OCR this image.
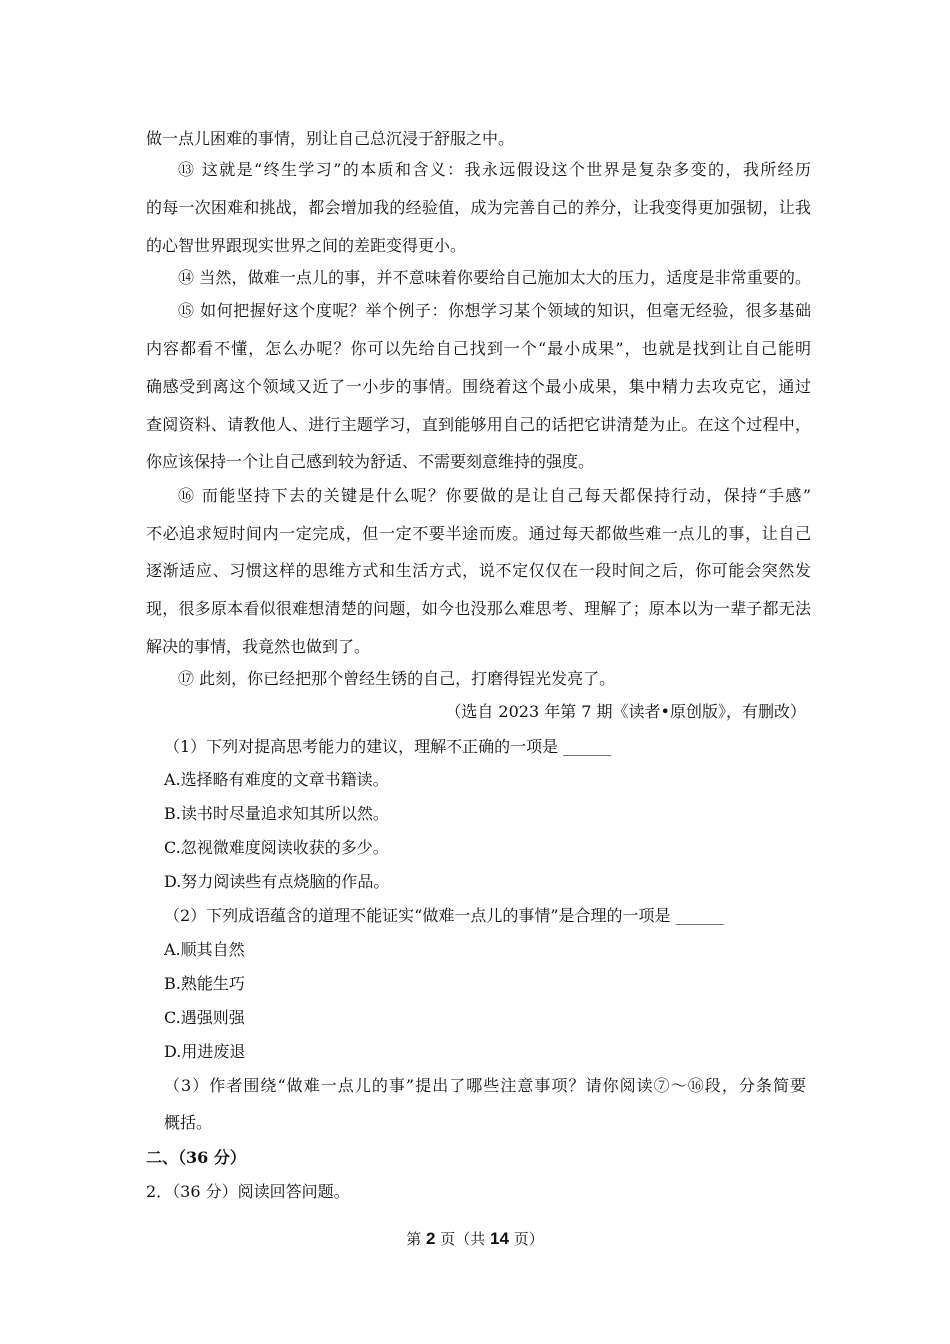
做一点儿困难的事情，别让自己总沉浸于舒服之中。
⑬ 这就是“终生学习”的本质和含义：我永远假设这个世界是复杂多变的，我所经历
的每一次困难和挑战，都会增加我的经验值，成为完善自己的养分，让我变得更加强韧，让我
的心智世界跟现实世界之间的差距变得更小。
⑭ 当然，做难一点儿的事，并不意味着你要给自己施加太大的压力，适度是非常重要的。
⑮ 如何把握好这个度呢？举个例子：你想学习某个领域的知识，但毫无经验，很多基础
内容都看不懂，怎么办呢？你可以先给自己找到一个“最小成果”，也就是找到让自己能明
确感受到离这个领域又近了一小步的事情。围绕着这个最小成果，集中精力去攻克它，通过
查阅资料、请教他人、进行主题学习，直到能够用自己的话把它讲清楚为止。在这个过程中，
你应该保持一个让自己感到较为舒适、不需要刻意维持的强度。
⑯ 而能坚持下去的关键是什么呢？你要做的是让自己每天都保持行动，保持“手感”
不必追求短时间内一定完成，但一定不要半途而废。通过每天都做些难一点儿的事，让自己
逐渐适应、习惯这样的思维方式和生活方式，说不定仅仅在一段时间之后，你可能会突然发
现，很多原本看似很难想清楚的问题，如今也没那么难思考、理解了；原本以为一辈子都无法
解决的事情，我竟然也做到了。
⑰ 此刻，你已经把那个曾经生锈的自己，打磨得锃光发亮了。
（选自 2023 年第 7 期《读者•原创版》，有删改）
（1）下列对提高思考能力的建议，理解不正确的一项是 ______
A.选择略有难度的文章书籍读。
B.读书时尽量追求知其所以然。
C.忽视微难度阅读收获的多少。
D.努力阅读些有点烧脑的作品。
（2）下列成语蕴含的道理不能证实“做难一点儿的事情”是合理的一项是 ______
A.顺其自然
B.熟能生巧
C.遇强则强
D.用进废退
（3）作者围绕“做难一点儿的事”提出了哪些注意事项？请你阅读⑦～⑯段，分条简要
概括。
二、（36 分）
2．（36 分）阅读回答问题。
第 2 页（共 14 页）
